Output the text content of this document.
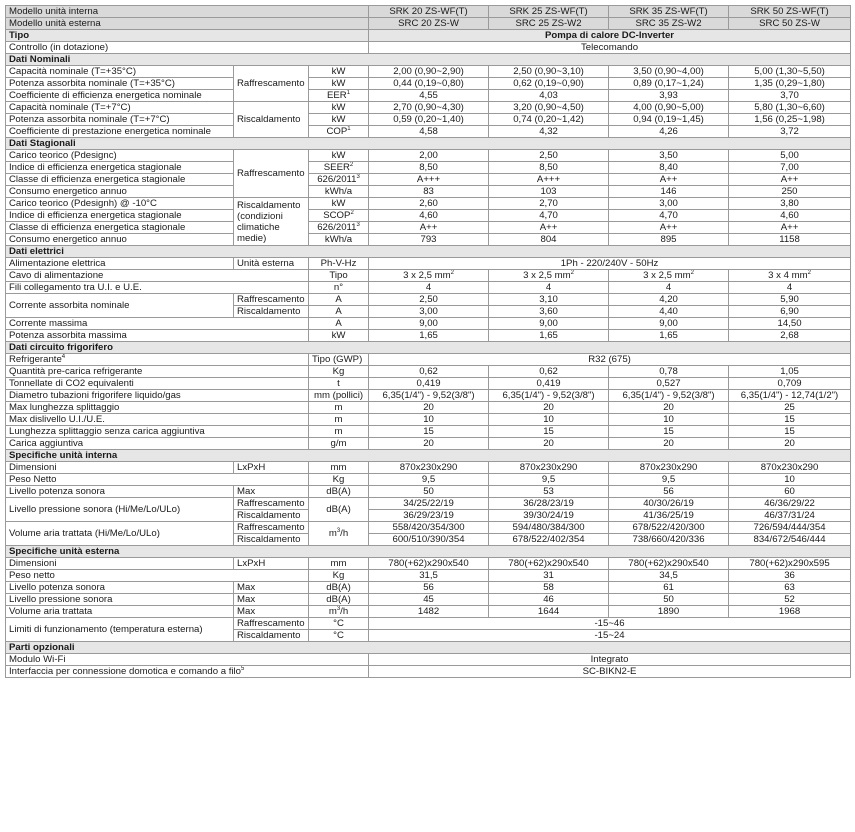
Modello unità interna			SRK 20 ZS-WF(T)	SRK 25 ZS-WF(T)	SRK 35 ZS-WF(T)	SRK 50 ZS-WF(T)
Modello unità esterna			SRC 20 ZS-W	SRC 25 ZS-W2	SRC 35 ZS-W2	SRC 50 ZS-W
Tipo			Pompa di calore DC-Inverter			
Controllo (in dotazione)			Telecomando			
Dati Nominali						
Capacità nominale (T=+35°C)	Raffrescamento	kW	2,00 (0,90~2,90)	2,50 (0,90~3,10)	3,50 (0,90~4,00)	5,00 (1,30~5,50)
Potenza assorbita nominale (T=+35°C)		kW	0,44 (0,19~0,80)	0,62 (0,19~0,90)	0,89 (0,17~1,24)	1,35 (0,29~1,80)
Coefficiente di efficienza energetica nominale		EER$^1$	4,55	4,03	3,93	3,70
Capacità nominale (T=+7°C)	Riscaldamento	kW	2,70 (0,90~4,30)	3,20 (0,90~4,50)	4,00 (0,90~5,00)	5,80 (1,30~6,60)
Potenza assorbita nominale (T=+7°C)		kW	0,59 (0,20~1,40)	0,74 (0,20~1,42)	0,94 (0,19~1,45)	1,56 (0,25~1,98)
Coefficiente di prestazione energetica nominale		COP$^1$	4,58	4,32	4,26	3,72
Dati Stagionali						
Carico teorico (Pdesignc)	Raffrescamento	kW	2,00	2,50	3,50	5,00
Indice di efficienza energetica stagionale		SEER$^2$	8,50	8,50	8,40	7,00
Classe di efficienza energetica stagionale		626/2011$^3$	A+++	A+++	A++	A++
Consumo energetico annuo		kWh/a	83	103	146	250
Carico teorico (Pdesignh) @ -10°C	Riscaldamento
(condizioni
climatiche medie)	kW	2,60	2,70	3,00	3,80
Indice di efficienza energetica stagionale		SCOP$^2$	4,60	4,70	4,70	4,60
Classe di efficienza energetica stagionale		626/2011$^3$	A++	A++	A++	A++
Consumo energetico annuo		kWh/a	793	804	895	1158
Dati elettrici						
Alimentazione elettrica	Unità esterna	Ph-V-Hz	1Ph - 220/240V - 50Hz			
Cavo di alimentazione		Tipo	3 x 2,5 $mm^2$	3 x 2,5 $mm^2$	3 x 2,5 $mm^2$	3 x 4 $mm^2$
Fili collegamento tra U.I. e U.E.		n°	4	4	4	4
Corrente assorbita nominale	Raffrescamento	A	2,50	3,10	4,20	5,90
	Riscaldamento	A	3,00	3,60	4,40	6,90
Corrente massima		A	9,00	9,00	9,00	14,50
Potenza assorbita massima		kW	1,65	1,65	1,65	2,68
Dati circuito frigorifero						
Refrigerante$^4$		Tipo (GWP)	R32 (675)			
Quantità pre-carica refrigerante		Kg	0,62	0,62	0,78	1,05
Tonnellate di CO2 equivalenti		t	0,419	0,419	0,527	0,709
Diametro tubazioni frigorifere liquido/gas		mm (pollici)	6,35(1/4") - 9,52(3/8")	6,35(1/4") - 9,52(3/8")	6,35(1/4") - 9,52(3/8")	6,35(1/4") - 12,74(1/2")
Max lunghezza splittaggio		m	20	20	20	25
Max dislivello U.I./U.E.		m	10	10	10	15
Lunghezza splittaggio senza carica aggiuntiva		m	15	15	15	15
Carica aggiuntiva		g/m	20	20	20	20
Specifiche unità interna						
Dimensioni	LxPxH	mm	870x230x290	870x230x290	870x230x290	870x230x290
Peso Netto		Kg	9,5	9,5	9,5	10
Livello potenza sonora	Max	dB(A)	50	53	56	60
Livello pressione sonora (Hi/Me/Lo/ULo)	Raffrescamento	dB(A)	34/25/22/19	36/28/23/19	40/30/26/19	46/36/29/22
	Riscaldamento		36/29/23/19	39/30/24/19	41/36/25/19	46/37/31/24
Volume aria trattata (Hi/Me/Lo/ULo)	Raffrescamento	$m^3/h$	558/420/354/300	594/480/384/300	678/522/420/300	726/594/444/354
	Riscaldamento		600/510/390/354	678/522/402/354	738/660/420/336	834/672/546/444
Specifiche unità esterna						
Dimensioni	LxPxH	mm	780(+62)x290x540	780(+62)x290x540	780(+62)x290x540	780(+62)x290x595
Peso netto		Kg	31,5	31	34,5	36
Livello potenza sonora	Max	dB(A)	56	58	61	63
Livello pressione sonora	Max	dB(A)	45	46	50	52
Volume aria trattata	Max	$m^3/h$	1482	1644	1890	1968
Limiti di funzionamento (temperatura esterna)	Raffrescamento	°C	-15~46			
	Riscaldamento	°C	-15~24			
Parti opzionali						
Modulo Wi-Fi			Integrato			
Interfaccia per connessione domotica e comando a filo$^5$			SC-BIKN2-E			
